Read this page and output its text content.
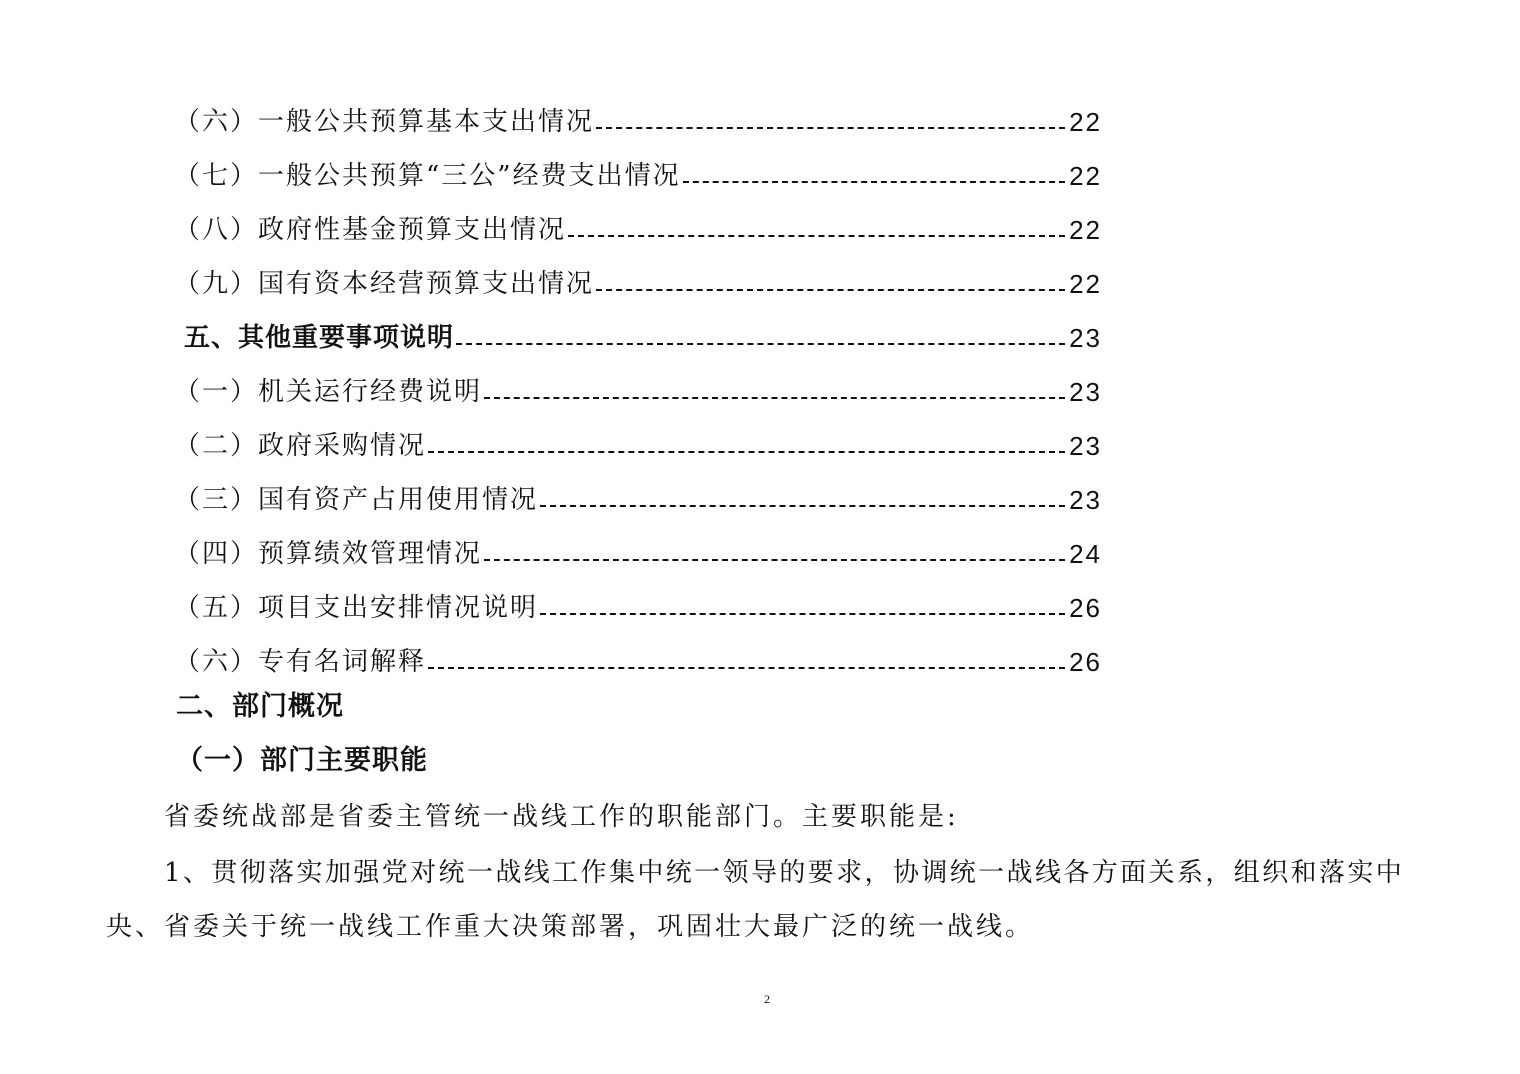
（六）一般公共预算基本支出情况	22
（七）一般公共预算“三公”经费支出情况	22
（八）政府性基金预算支出情况	22
（九）国有资本经营预算支出情况	22
五、其他重要事项说明	23
（一）机关运行经费说明	23
（二）政府采购情况	23
（三）国有资产占用使用情况	23
（四）预算绩效管理情况	24
（五）项目支出安排情况说明	26
（六）专有名词解释	26
二、部门概况
（一）部门主要职能
省委统战部是省委主管统一战线工作的职能部门。主要职能是:
1、贯彻落实加强党对统一战线工作集中统一领导的要求，协调统一战线各方面关系，组织和落实中
央、省委关于统一战线工作重大决策部署，巩固壮大最广泛的统一战线。
2
